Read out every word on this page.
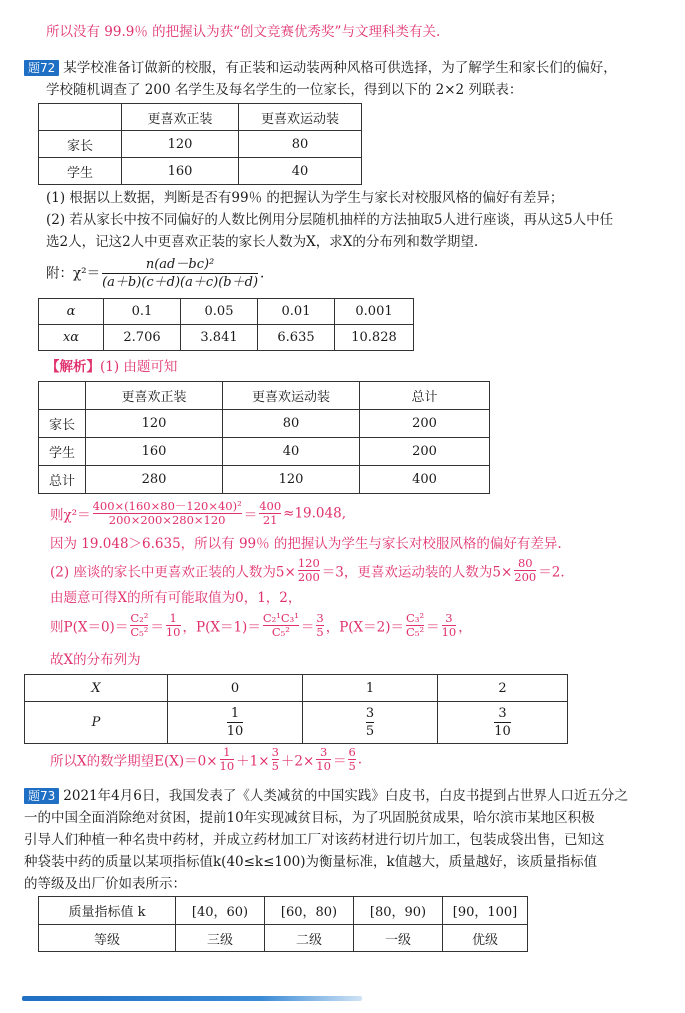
所以没有 99.9％ 的把握认为获“创文竞赛优秀奖”与文理科类有关.
题72 某学校准备订做新的校服，有正装和运动装两种风格可供选择，为了解学生和家长们的偏好，
学校随机调查了 200 名学生及每名学生的一位家长，得到以下的 2×2 列联表：
	更喜欢正装	更喜欢运动装
家长	120	80
学生	160	40
(1) 根据以上数据，判断是否有99％ 的把握认为学生与家长对校服风格的偏好有差异；
(2) 若从家长中按不同偏好的人数比例用分层随机抽样的方法抽取5人进行座谈，再从这5人中任
选2人，记这2人中更喜欢正装的家长人数为X，求X的分布列和数学期望.
附：$\chi^2= \frac{\text{n(ad－bc)²}}{(a+b)(c+d)(a+c)(b+d)}$ .
α	0.1	0.05	0.01	0.001
xα	2.706	3.841	6.635	10.828
【解析】(1) 由题可知
	更喜欢正装	更喜欢运动装	总计
家长	120	80	200
学生	160	40	200
总计	280	120	400
则$\chi^2= \frac{\text{400×(160×80－120×40)²}}{200\times 200\times 280\times 120} = \frac{400}{21} \approx 19.048$,
因为 19.048＞6.635，所以有 99％ 的把握认为学生与家长对校服风格的偏好有差异.
(2) 座谈的家长中更喜欢正装的人数为$5\times \frac{120}{200} =3$，更喜欢运动装的人数为$5\times \frac{80}{200} =2$.
由题意可得X的所有可能取值为0，1，2，
则$P(X=0)= \frac{\text{C₂²}}{\text{C₅²}} = \frac{1}{10}$ ，$P(X=1)= \frac{\text{C₂¹C₃¹}}{\text{C₅²}} = \frac{3}{5}$ ，$P(X=2)= \frac{\text{C₃²}}{\text{C₅²}} = \frac{3}{10}$ ，
故X的分布列为
X	0	1	2
P	$\frac{1}{10}$	$\frac{3}{5}$	$\frac{3}{10}$
所以X的数学期望$E(X)=0\times \frac{1}{10} +1\times \frac{3}{5} +2\times \frac{3}{10} = \frac{6}{5}$ .
题73 2021年4月6日，我国发表了《人类减贫的中国实践》白皮书，白皮书提到占世界人口近五分之
一的中国全面消除绝对贫困，提前10年实现减贫目标，为了巩固脱贫成果，哈尔滨市某地区积极
引导人们种植一种名贵中药材，并成立药材加工厂对该药材进行切片加工，包装成袋出售，已知这
种袋装中药的质量以某项指标值k(40≤k≤100)为衡量标准，k值越大，质量越好，该质量指标值
的等级及出厂价如表所示：
质量指标值 k	[40，60)	[60，80)	[80，90)	[90，100]
等级	三级	二级	一级	优级
